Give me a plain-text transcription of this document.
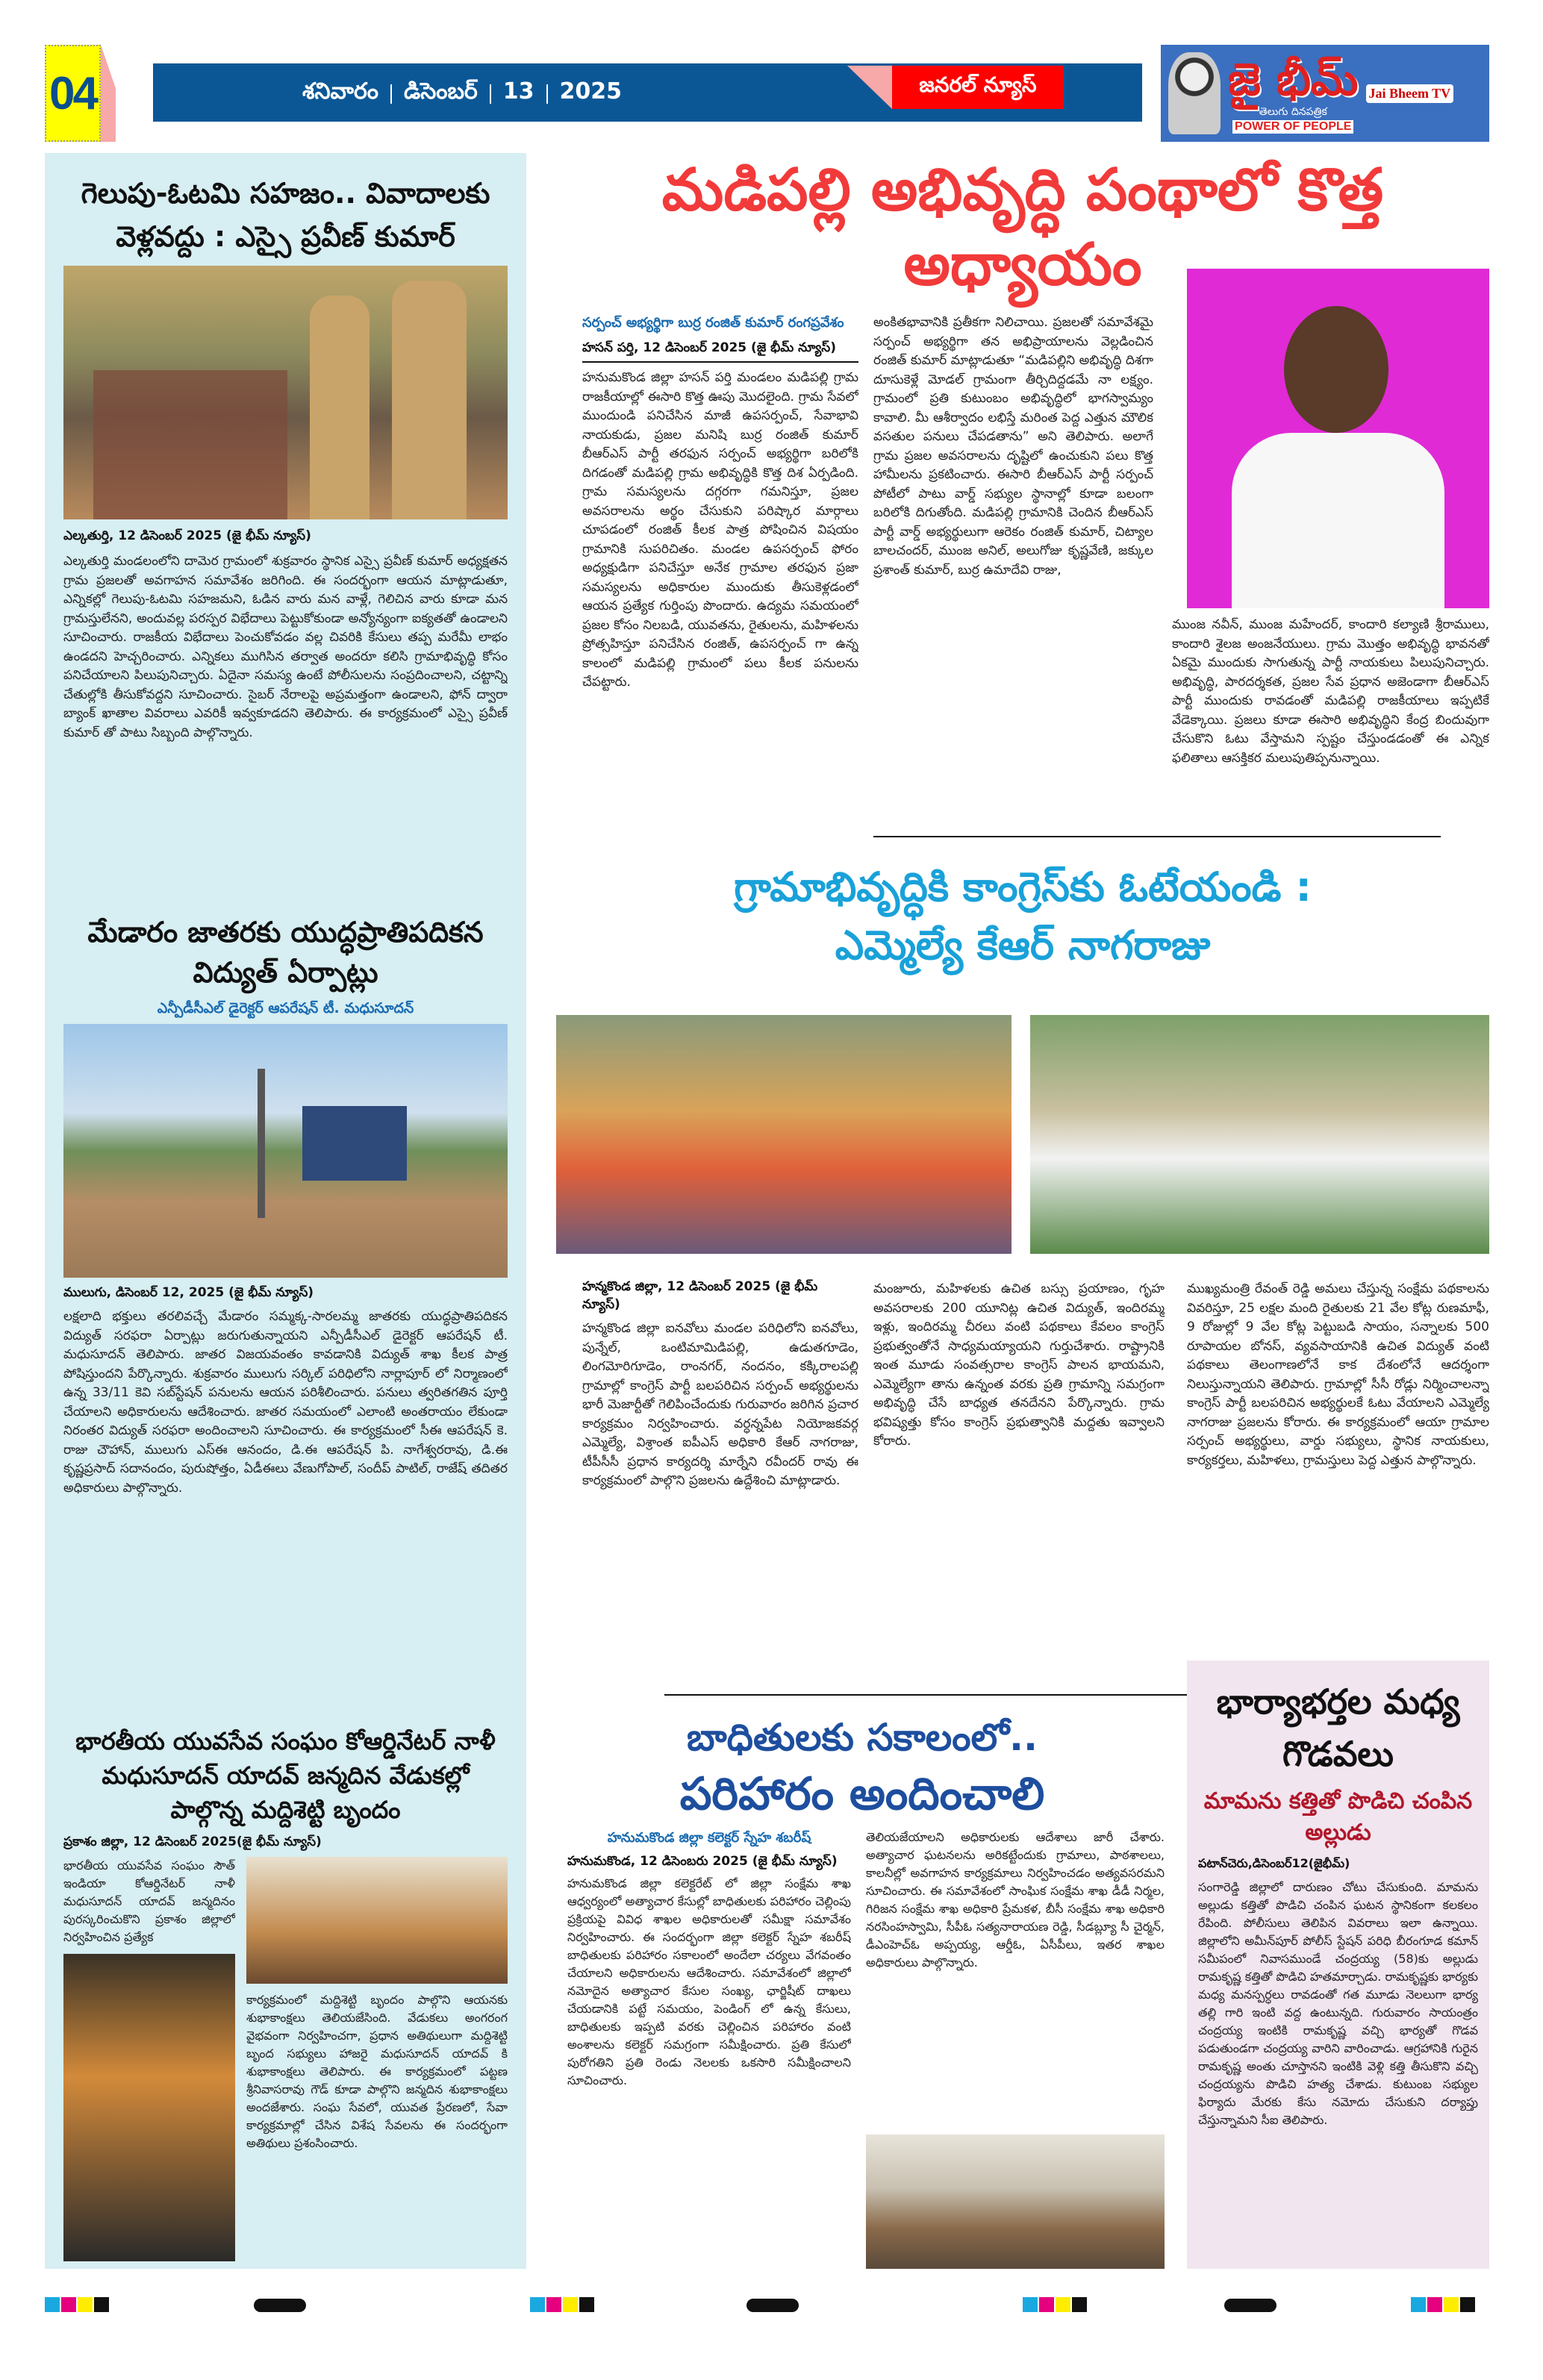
04	శనివారం డిసెంబర్ 13 2025	జనరల్ న్యూస్	జై భీమ్
తెలుగు దినపత్రిక
POWER OF PEOPLE
Jai Bheem TV
గెలుపు-ఓటమి సహజం.. వివాదాలకు వెళ్లవద్దు : ఎస్సై ప్రవీణ్ కుమార్
ఎల్కతుర్తి, 12 డిసెంబర్ 2025 (జై భీమ్ న్యూస్)
ఎల్కతుర్తి మండలంలోని దామెర గ్రామంలో శుక్రవారం స్థానిక ఎస్సై ప్రవీణ్ కుమార్ అధ్యక్షతన గ్రామ ప్రజలతో అవగాహన సమావేశం జరిగింది. ఈ సందర్భంగా ఆయన మాట్లాడుతూ, ఎన్నికల్లో గెలుపు-ఓటమి సహజమని, ఓడిన వారు మన వాళ్లే, గెలిచిన వారు కూడా మన గ్రామస్తులేనని, అందువల్ల పరస్పర విభేదాలు పెట్టుకోకుండా అన్యోన్యంగా ఐక్యతతో ఉండాలని సూచించారు. రాజకీయ విభేదాలు పెంచుకోవడం వల్ల చివరికి కేసులు తప్ప మరేమీ లాభం ఉండదని హెచ్చరించారు. ఎన్నికలు ముగిసిన తర్వాత అందరూ కలిసి గ్రామాభివృద్ధి కోసం పనిచేయాలని పిలుపునిచ్చారు. ఏదైనా సమస్య ఉంటే పోలీసులను సంప్రదించాలని, చట్టాన్ని చేతుల్లోకి తీసుకోవద్దని సూచించారు. సైబర్ నేరాలపై అప్రమత్తంగా ఉండాలని, ఫోన్ ద్వారా బ్యాంక్ ఖాతాల వివరాలు ఎవరికీ ఇవ్వకూడదని తెలిపారు. ఈ కార్యక్రమంలో ఎస్సై ప్రవీణ్ కుమార్ తో పాటు సిబ్బంది పాల్గొన్నారు.
మేడారం జాతరకు యుద్ధప్రాతిపదికన విద్యుత్ ఏర్పాట్లు
ఎన్పీడీసీఎల్ డైరెక్టర్ ఆపరేషన్ టీ. మధుసూదన్
ములుగు, డిసెంబర్ 12, 2025 (జై భీమ్ న్యూస్)
లక్షలాది భక్తులు తరలివచ్చే మేడారం సమ్మక్క-సారలమ్మ జాతరకు యుద్ధప్రాతిపదికన విద్యుత్ సరఫరా ఏర్పాట్లు జరుగుతున్నాయని ఎన్పీడీసీఎల్ డైరెక్టర్ ఆపరేషన్ టీ. మధుసూదన్ తెలిపారు. జాతర విజయవంతం కావడానికి విద్యుత్ శాఖ కీలక పాత్ర పోషిస్తుందని పేర్కొన్నారు. శుక్రవారం ములుగు సర్కిల్ పరిధిలోని నార్లాపూర్ లో నిర్మాణంలో ఉన్న 33/11 కెవి సబ్‌స్టేషన్ పనులను ఆయన పరిశీలించారు. పనులు త్వరితగతిన పూర్తి చేయాలని అధికారులను ఆదేశించారు. జాతర సమయంలో ఎలాంటి అంతరాయం లేకుండా నిరంతర విద్యుత్ సరఫరా అందించాలని సూచించారు. ఈ కార్యక్రమంలో సీఈ ఆపరేషన్ కె. రాజు చౌహాన్, ములుగు ఎస్ఈ ఆనందం, డి.ఈ ఆపరేషన్ పి. నాగేశ్వరరావు, డి.ఈ కృష్ణప్రసాద్ సదానందం, పురుషోత్తం, ఏడీఈలు వేణుగోపాల్, సందీప్ పాటిల్, రాజేష్ తదితర అధికారులు పాల్గొన్నారు.
భారతీయ యువసేవ సంఘం కోఆర్డినేటర్ నాళీ మధుసూదన్ యాదవ్ జన్మదిన వేడుకల్లో పాల్గొన్న మద్దిశెట్టి బృందం
ప్రకాశం జిల్లా, 12 డిసెంబర్ 2025(జై భీమ్ న్యూస్)
భారతీయ యువసేవ సంఘం సౌత్ ఇండియా కోఆర్డినేటర్ నాళీ మధుసూదన్ యాదవ్ జన్మదినం పురస్కరించుకొని ప్రకాశం జిల్లాలో నిర్వహించిన ప్రత్యేక
కార్యక్రమంలో మద్దిశెట్టి బృందం పాల్గొని ఆయనకు శుభాకాంక్షలు తెలియజేసింది. వేడుకలు అంగరంగ వైభవంగా నిర్వహించగా, ప్రధాన అతిథులుగా మద్దిశెట్టి బృంద సభ్యులు హాజరై మధుసూదన్ యాదవ్ కి శుభాకాంక్షలు తెలిపారు. ఈ కార్యక్రమంలో పట్టణ శ్రీనివాసరావు గౌడ్ కూడా పాల్గొని జన్మదిన శుభాకాంక్షలు అందజేశారు. సంఘ సేవలో, యువత ప్రేరణలో, సేవా కార్యక్రమాల్లో చేసిన విశేష సేవలను ఈ సందర్భంగా అతిథులు ప్రశంసించారు.
మడిపల్లి అభివృద్ధి పంథాలో కొత్త అధ్యాయం
సర్పంచ్ అభ్యర్థిగా బుర్ర రంజిత్ కుమార్ రంగప్రవేశం
హసన్ పర్తి, 12 డిసెంబర్ 2025 (జై భీమ్ న్యూస్)
హనుమకొండ జిల్లా హసన్ పర్తి మండలం మడిపల్లి గ్రామ రాజకీయాల్లో ఈసారి కొత్త ఊపు మొదలైంది. గ్రామ సేవలో ముందుండి పనిచేసిన మాజీ ఉపసర్పంచ్, సేవాభావి నాయకుడు, ప్రజల మనిషి బుర్ర రంజిత్ కుమార్ బీఆర్ఎస్ పార్టీ తరఫున సర్పంచ్ అభ్యర్థిగా బరిలోకి దిగడంతో మడిపల్లి గ్రామ అభివృద్ధికి కొత్త దిశ ఏర్పడింది. గ్రామ సమస్యలను దగ్గరగా గమనిస్తూ, ప్రజల అవసరాలను అర్థం చేసుకుని పరిష్కార మార్గాలు చూపడంలో రంజిత్ కీలక పాత్ర పోషించిన విషయం గ్రామానికి సుపరిచితం. మండల ఉపసర్పంచ్ ఫోరం అధ్యక్షుడిగా పనిచేస్తూ అనేక గ్రామాల తరఫున ప్రజా సమస్యలను అధికారుల ముందుకు తీసుకెళ్లడంలో ఆయన ప్రత్యేక గుర్తింపు పొందారు. ఉద్యమ సమయంలో ప్రజల కోసం నిలబడి, యువతను, రైతులను, మహిళలను ప్రోత్సహిస్తూ పనిచేసిన రంజిత్, ఉపసర్పంచ్ గా ఉన్న కాలంలో మడిపల్లి గ్రామంలో పలు కీలక పనులను చేపట్టారు.
అంకితభావానికి ప్రతీకగా నిలిచాయి. ప్రజలతో సమావేశమై సర్పంచ్ అభ్యర్థిగా తన అభిప్రాయాలను వెల్లడించిన రంజిత్ కుమార్ మాట్లాడుతూ “మడిపల్లిని అభివృద్ధి దిశగా దూసుకెళ్లే మోడల్ గ్రామంగా తీర్చిదిద్దడమే నా లక్ష్యం. గ్రామంలో ప్రతి కుటుంబం అభివృద్ధిలో భాగస్వామ్యం కావాలి. మీ ఆశీర్వాదం లభిస్తే మరింత పెద్ద ఎత్తున మౌలిక వసతుల పనులు చేపడతాను” అని తెలిపారు. అలాగే గ్రామ ప్రజల అవసరాలను దృష్టిలో ఉంచుకుని పలు కొత్త హామీలను ప్రకటించారు. ఈసారి బీఆర్ఎస్ పార్టీ సర్పంచ్ పోటీలో పాటు వార్డ్ సభ్యుల స్థానాల్లో కూడా బలంగా బరిలోకి దిగుతోంది. మడిపల్లి గ్రామానికి చెందిన బీఆర్ఎస్ పార్టీ వార్డ్ అభ్యర్థులుగా ఆరెకం రంజిత్ కుమార్, చిట్యాల బాలచందర్, ముంజ అనిల్, అలుగోజు కృష్ణవేణి, జక్కుల ప్రశాంత్ కుమార్, బుర్ర ఉమాదేవి రాజు,
ముంజ నవీన్, ముంజ మహేందర్, కాందారి కల్యాణి శ్రీరాములు, కాందారి శైలజ అంజనేయులు. గ్రామ మొత్తం అభివృద్ధి భావనతో ఏకమై ముందుకు సాగుతున్న పార్టీ నాయకులు పిలుపునిచ్చారు. అభివృద్ధి, పారదర్శకత, ప్రజల సేవ ప్రధాన అజెండాగా బీఆర్ఎస్ పార్టీ ముందుకు రావడంతో మడిపల్లి రాజకీయాలు ఇప్పటికే వేడెక్కాయి. ప్రజలు కూడా ఈసారి అభివృద్ధిని కేంద్ర బిందువుగా చేసుకొని ఓటు వేస్తామని స్పష్టం చేస్తుండడంతో ఈ ఎన్నిక ఫలితాలు ఆసక్తికర మలుపుతిప్పనున్నాయి.
గ్రామాభివృద్ధికి కాంగ్రెస్‌కు ఓటేయండి :
ఎమ్మెల్యే కేఆర్ నాగరాజు
హన్మకొండ జిల్లా, 12 డిసెంబర్ 2025 (జై భీమ్ న్యూస్)
హన్మకొండ జిల్లా ఐనవోలు మండల పరిధిలోని ఐనవోలు, పున్నేల్, ఒంటిమామిడిపల్లి, ఉడుతగూడెం, లింగమోరిగూడెం, రాంనగర్, నందనం, కక్కిరాలపల్లి గ్రామాల్లో కాంగ్రెస్ పార్టీ బలపరిచిన సర్పంచ్ అభ్యర్థులను భారీ మెజార్టీతో గెలిపించేందుకు గురువారం జరిగిన ప్రచార కార్యక్రమం నిర్వహించారు. వర్ధన్నపేట నియోజకవర్గ ఎమ్మెల్యే, విశ్రాంత ఐపీఎస్ అధికారి కేఆర్ నాగరాజు, టీపీసీసీ ప్రధాన కార్యదర్శి మార్నేని రవీందర్ రావు ఈ కార్యక్రమంలో పాల్గొని ప్రజలను ఉద్దేశించి మాట్లాడారు.
మంజూరు, మహిళలకు ఉచిత బస్సు ప్రయాణం, గృహ అవసరాలకు 200 యూనిట్ల ఉచిత విద్యుత్, ఇందిరమ్మ ఇళ్లు, ఇందిరమ్మ చీరలు వంటి పథకాలు కేవలం కాంగ్రెస్ ప్రభుత్వంతోనే సాధ్యమయ్యాయని గుర్తుచేశారు. రాష్ట్రానికి ఇంత మూడు సంవత్సరాల కాంగ్రెస్ పాలన భాయమని, ఎమ్మెల్యేగా తాను ఉన్నంత వరకు ప్రతి గ్రామాన్ని సమగ్రంగా అభివృద్ధి చేసే బాధ్యత తనదేనని పేర్కొన్నారు. గ్రామ భవిష్యత్తు కోసం కాంగ్రెస్ ప్రభుత్వానికి మద్దతు ఇవ్వాలని కోరారు.
ముఖ్యమంత్రి రేవంత్ రెడ్డి అమలు చేస్తున్న సంక్షేమ పథకాలను వివరిస్తూ, 25 లక్షల మంది రైతులకు 21 వేల కోట్ల రుణమాఫీ, 9 రోజుల్లో 9 వేల కోట్ల పెట్టుబడి సాయం, సన్నాలకు 500 రూపాయల బోనస్, వ్యవసాయానికి ఉచిత విద్యుత్ వంటి పథకాలు తెలంగాణలోనే కాక దేశంలోనే ఆదర్శంగా నిలుస్తున్నాయని తెలిపారు. గ్రామాల్లో సీసీ రోడ్లు నిర్మించాలన్నా కాంగ్రెస్ పార్టీ బలపరిచిన అభ్యర్థులకే ఓటు వేయాలని ఎమ్మెల్యే నాగరాజు ప్రజలను కోరారు. ఈ కార్యక్రమంలో ఆయా గ్రామాల సర్పంచ్ అభ్యర్థులు, వార్డు సభ్యులు, స్థానిక నాయకులు, కార్యకర్తలు, మహిళలు, గ్రామస్తులు పెద్ద ఎత్తున పాల్గొన్నారు.
బాధితులకు సకాలంలో..
పరిహారం అందించాలి
హనుమకొండ జిల్లా కలెక్టర్ స్నేహ శబరీష్
హనుమకొండ, 12 డిసెంబరు 2025 (జై భీమ్ న్యూస్)
హనుమకొండ జిల్లా కలెక్టరేట్ లో జిల్లా సంక్షేమ శాఖ ఆధ్వర్యంలో అత్యాచార కేసుల్లో బాధితులకు పరిహారం చెల్లింపు ప్రక్రియపై వివిధ శాఖల అధికారులతో సమీక్షా సమావేశం నిర్వహించారు. ఈ సందర్భంగా జిల్లా కలెక్టర్ స్నేహ శబరీష్ బాధితులకు పరిహారం సకాలంలో అందేలా చర్యలు వేగవంతం చేయాలని అధికారులను ఆదేశించారు. సమావేశంలో జిల్లాలో నమోదైన అత్యాచార కేసుల సంఖ్య, ఛార్జిషీట్ దాఖలు చేయడానికి పట్టే సమయం, పెండింగ్ లో ఉన్న కేసులు, బాధితులకు ఇప్పటి వరకు చెల్లించిన పరిహారం వంటి అంశాలను కలెక్టర్ సమగ్రంగా సమీక్షించారు. ప్రతి కేసులో పురోగతిని ప్రతి రెండు నెలలకు ఒకసారి సమీక్షించాలని సూచించారు.
తెలియజేయాలని అధికారులకు ఆదేశాలు జారీ చేశారు. అత్యాచార ఘటనలను అరికట్టేందుకు గ్రామాలు, పాఠశాలలు, కాలనీల్లో అవగాహన కార్యక్రమాలు నిర్వహించడం అత్యవసరమని సూచించారు. ఈ సమావేశంలో సాంఘిక సంక్షేమ శాఖ డీడీ నిర్మల, గిరిజన సంక్షేమ శాఖ అధికారి ప్రేమకళ, బీసీ సంక్షేమ శాఖ అధికారి నరసింహస్వామి, సీపీఓ సత్యనారాయణ రెడ్డి, సీడబ్ల్యూ సీ చైర్మన్, డీఎంహెచ్ఓ అప్పయ్య, ఆర్డీఓ, ఏసీపీలు, ఇతర శాఖల అధికారులు పాల్గొన్నారు.
భార్యాభర్తల మధ్య గొడవలు
మామను కత్తితో పొడిచి చంపిన అల్లుడు
పటాన్‌చెరు,డిసెంబర్12(జైభీమ్‌)
సంగారెడ్డి జిల్లాలో దారుణం చోటు చేసుకుంది. మామను అల్లుడు కత్తితో పొడిచి చంపిన ఘటన స్థానికంగా కలకలం రేపింది. పోలీసులు తెలిపిన వివరాలు ఇలా ఉన్నాయి. జిల్లాలోని అమీన్‌పూర్ పోలీస్ స్టేషన్ పరిధి బీరంగూడ కమాన్ సమీపంలో నివాసముండే చంద్రయ్య (58)కు అల్లుడు రామకృష్ణ కత్తితో పొడిచి హతమార్చాడు. రామకృష్ణకు భార్యకు మధ్య మనస్పర్ధలు రావడంతో గత మూడు నెలలుగా భార్య తల్లి గారి ఇంటి వద్ద ఉంటున్నది. గురువారం సాయంత్రం చంద్రయ్య ఇంటికి రామకృష్ణ వచ్చి భార్యతో గొడవ పడుతుండగా చంద్రయ్య వారిని వారించాడు. ఆగ్రహానికి గురైన రామకృష్ణ అంతు చూస్తానని ఇంటికి వెళ్లి కత్తి తీసుకొని వచ్చి చంద్రయ్యను పొడిచి హత్య చేశాడు. కుటుంబ సభ్యుల ఫిర్యాదు మేరకు కేసు నమోదు చేసుకుని దర్యాప్తు చేస్తున్నామని సీఐ తెలిపారు.
